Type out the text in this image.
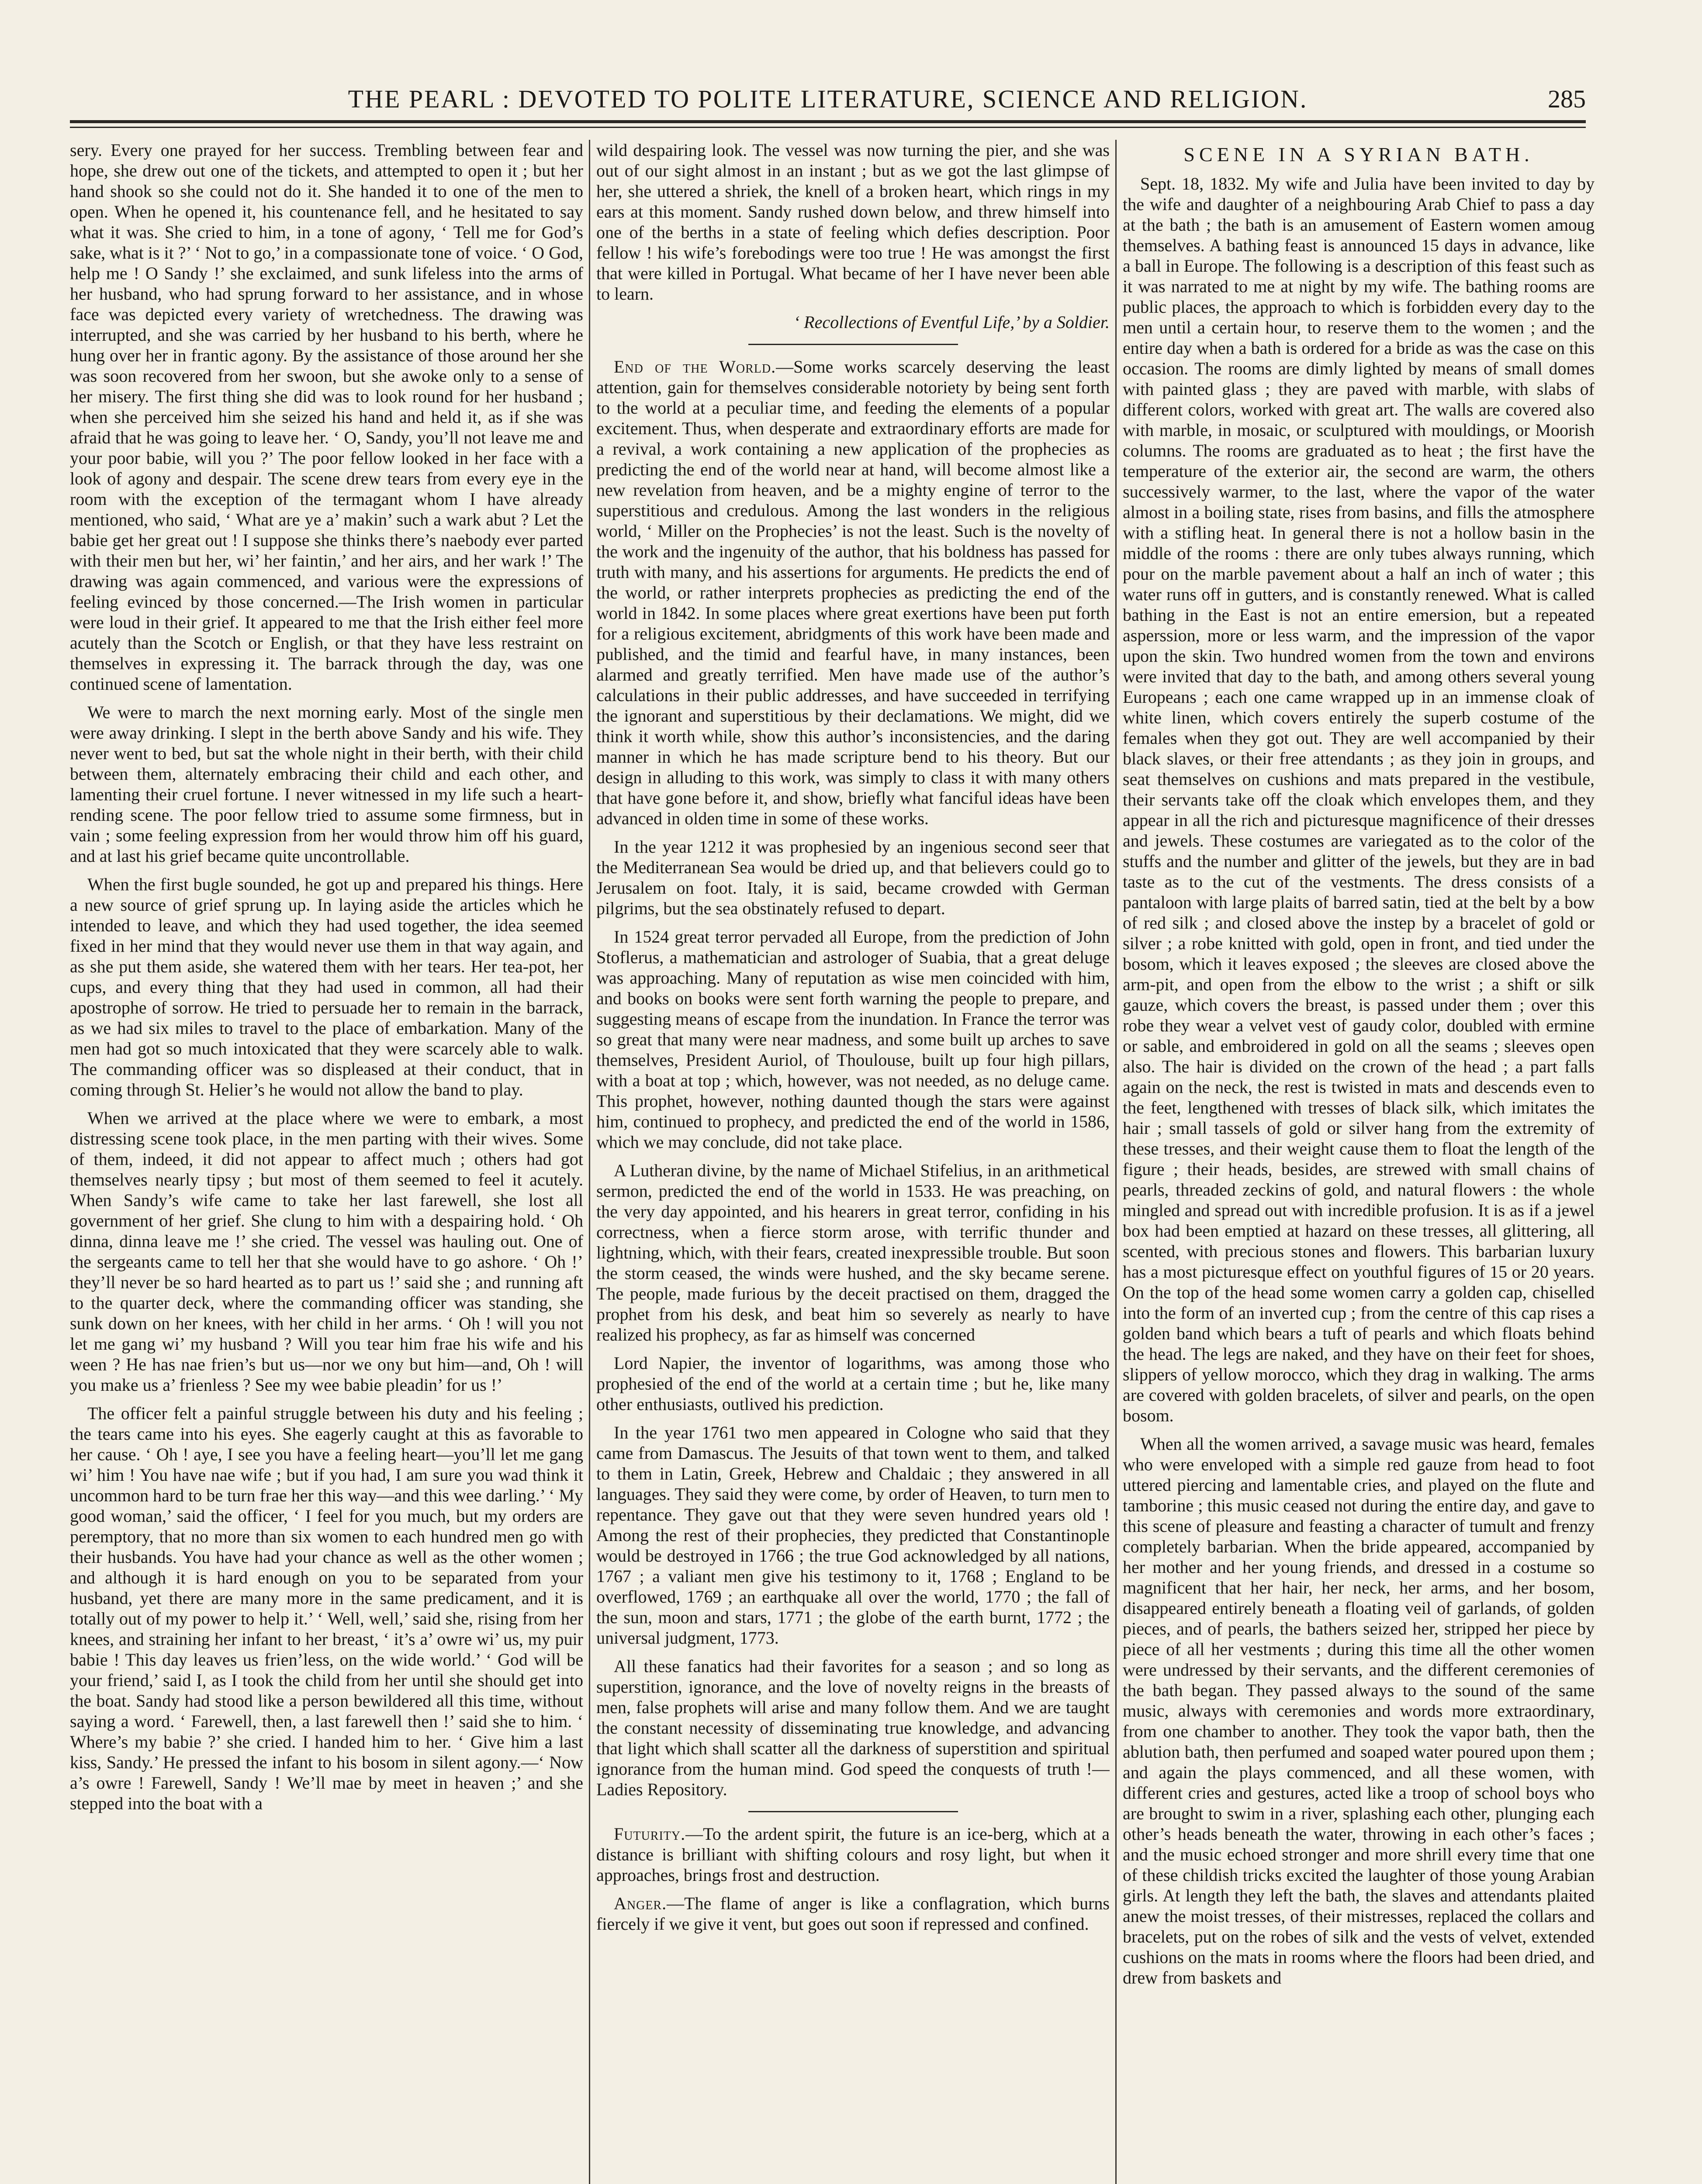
THE PEARL : DEVOTED TO POLITE LITERATURE, SCIENCE AND RELIGION.	285

sery. Every one prayed for her success. Trembling between fear and hope, she drew out one of the tickets, and attempted to open it ; but her hand shook so she could not do it. She handed it to one of the men to open. When he opened it, his countenance fell, and he hesitated to say what it was. She cried to him, in a tone of agony, ‘ Tell me for God’s sake, what is it ?’ ‘ Not to go,’ in a compassionate tone of voice. ‘ O God, help me ! O Sandy !’ she exclaimed, and sunk lifeless into the arms of her husband, who had sprung forward to her assistance, and in whose face was depicted every variety of wretchedness. The drawing was interrupted, and she was carried by her husband to his berth, where he hung over her in frantic agony. By the assistance of those around her she was soon recovered from her swoon, but she awoke only to a sense of her misery. The first thing she did was to look round for her husband ; when she perceived him she seized his hand and held it, as if she was afraid that he was going to leave her. ‘ O, Sandy, you’ll not leave me and your poor babie, will you ?’ The poor fellow looked in her face with a look of agony and despair. The scene drew tears from every eye in the room with the exception of the termagant whom I have already mentioned, who said, ‘ What are ye a’ makin’ such a wark abut ? Let the babie get her great out ! I suppose she thinks there’s naebody ever parted with their men but her, wi’ her faintin,’ and her airs, and her wark !’ The drawing was again commenced, and various were the expressions of feeling evinced by those concerned.—The Irish women in particular were loud in their grief. It appeared to me that the Irish either feel more acutely than the Scotch or English, or that they have less restraint on themselves in expressing it. The barrack through the day, was one continued scene of lamentation.

We were to march the next morning early. Most of the single men were away drinking. I slept in the berth above Sandy and his wife. They never went to bed, but sat the whole night in their berth, with their child between them, alternately embracing their child and each other, and lamenting their cruel fortune. I never witnessed in my life such a heart-rending scene. The poor fellow tried to assume some firmness, but in vain ; some feeling expression from her would throw him off his guard, and at last his grief became quite uncontrollable.

When the first bugle sounded, he got up and prepared his things. Here a new source of grief sprung up. In laying aside the articles which he intended to leave, and which they had used together, the idea seemed fixed in her mind that they would never use them in that way again, and as she put them aside, she watered them with her tears. Her tea-pot, her cups, and every thing that they had used in common, all had their apostrophe of sorrow. He tried to persuade her to remain in the barrack, as we had six miles to travel to the place of embarkation. Many of the men had got so much intoxicated that they were scarcely able to walk. The commanding officer was so displeased at their conduct, that in coming through St. Helier’s he would not allow the band to play.

When we arrived at the place where we were to embark, a most distressing scene took place, in the men parting with their wives. Some of them, indeed, it did not appear to affect much ; others had got themselves nearly tipsy ; but most of them seemed to feel it acutely. When Sandy’s wife came to take her last farewell, she lost all government of her grief. She clung to him with a despairing hold. ‘ Oh dinna, dinna leave me !’ she cried. The vessel was hauling out. One of the sergeants came to tell her that she would have to go ashore. ‘ Oh !’ they’ll never be so hard hearted as to part us !’ said she ; and running aft to the quarter deck, where the commanding officer was standing, she sunk down on her knees, with her child in her arms. ‘ Oh ! will you not let me gang wi’ my husband ? Will you tear him frae his wife and his ween ? He has nae frien’s but us—nor we ony but him—and, Oh ! will you make us a’ frienless ? See my wee babie pleadin’ for us !’

The officer felt a painful struggle between his duty and his feeling ; the tears came into his eyes. She eagerly caught at this as favorable to her cause. ‘ Oh ! aye, I see you have a feeling heart—you’ll let me gang wi’ him ! You have nae wife ; but if you had, I am sure you wad think it uncommon hard to be turn frae her this way—and this wee darling.’ ‘ My good woman,’ said the officer, ‘ I feel for you much, but my orders are peremptory, that no more than six women to each hundred men go with their husbands. You have had your chance as well as the other women ; and although it is hard enough on you to be separated from your husband, yet there are many more in the same predicament, and it is totally out of my power to help it.’ ‘ Well, well,’ said she, rising from her knees, and straining her infant to her breast, ‘ it’s a’ owre wi’ us, my puir babie ! This day leaves us frien’less, on the wide world.’ ‘ God will be your friend,’ said I, as I took the child from her until she should get into the boat. Sandy had stood like a person bewildered all this time, without saying a word. ‘ Farewell, then, a last farewell then !’ said she to him. ‘ Where’s my babie ?’ she cried. I handed him to her. ‘ Give him a last kiss, Sandy.’ He pressed the infant to his bosom in silent agony.—‘ Now a’s owre ! Farewell, Sandy ! We’ll mae by meet in heaven ;’ and she stepped into the boat with a

wild despairing look. The vessel was now turning the pier, and she was out of our sight almost in an instant ; but as we got the last glimpse of her, she uttered a shriek, the knell of a broken heart, which rings in my ears at this moment. Sandy rushed down below, and threw himself into one of the berths in a state of feeling which defies description. Poor fellow ! his wife’s forebodings were too true ! He was amongst the first that were killed in Portugal. What became of her I have never been able to learn.

‘ Recollections of Eventful Life,’ by a Soldier.

End of the World.—Some works scarcely deserving the least attention, gain for themselves considerable notoriety by being sent forth to the world at a peculiar time, and feeding the elements of a popular excitement. Thus, when desperate and extraordinary efforts are made for a revival, a work containing a new application of the prophecies as predicting the end of the world near at hand, will become almost like a new revelation from heaven, and be a mighty engine of terror to the superstitious and credulous. Among the last wonders in the religious world, ‘ Miller on the Prophecies’ is not the least. Such is the novelty of the work and the ingenuity of the author, that his boldness has passed for truth with many, and his assertions for arguments. He predicts the end of the world, or rather interprets prophecies as predicting the end of the world in 1842. In some places where great exertions have been put forth for a religious excitement, abridgments of this work have been made and published, and the timid and fearful have, in many instances, been alarmed and greatly terrified. Men have made use of the author’s calculations in their public addresses, and have succeeded in terrifying the ignorant and superstitious by their declamations. We might, did we think it worth while, show this author’s inconsistencies, and the daring manner in which he has made scripture bend to his theory. But our design in alluding to this work, was simply to class it with many others that have gone before it, and show, briefly what fanciful ideas have been advanced in olden time in some of these works.

In the year 1212 it was prophesied by an ingenious second seer that the Mediterranean Sea would be dried up, and that believers could go to Jerusalem on foot. Italy, it is said, became crowded with German pilgrims, but the sea obstinately refused to depart.

In 1524 great terror pervaded all Europe, from the prediction of John Stoflerus, a mathematician and astrologer of Suabia, that a great deluge was approaching. Many of reputation as wise men coincided with him, and books on books were sent forth warning the people to prepare, and suggesting means of escape from the inundation. In France the terror was so great that many were near madness, and some built up arches to save themselves, President Auriol, of Thoulouse, built up four high pillars, with a boat at top ; which, however, was not needed, as no deluge came. This prophet, however, nothing daunted though the stars were against him, continued to prophecy, and predicted the end of the world in 1586, which we may conclude, did not take place.

A Lutheran divine, by the name of Michael Stifelius, in an arithmetical sermon, predicted the end of the world in 1533. He was preaching, on the very day appointed, and his hearers in great terror, confiding in his correctness, when a fierce storm arose, with terrific thunder and lightning, which, with their fears, created inexpressible trouble. But soon the storm ceased, the winds were hushed, and the sky became serene. The people, made furious by the deceit practised on them, dragged the prophet from his desk, and beat him so severely as nearly to have realized his prophecy, as far as himself was concerned

Lord Napier, the inventor of logarithms, was among those who prophesied of the end of the world at a certain time ; but he, like many other enthusiasts, outlived his prediction.

In the year 1761 two men appeared in Cologne who said that they came from Damascus. The Jesuits of that town went to them, and talked to them in Latin, Greek, Hebrew and Chaldaic ; they answered in all languages. They said they were come, by order of Heaven, to turn men to repentance. They gave out that they were seven hundred years old ! Among the rest of their prophecies, they predicted that Constantinople would be destroyed in 1766 ; the true God acknowledged by all nations, 1767 ; a valiant men give his testimony to it, 1768 ; England to be overflowed, 1769 ; an earthquake all over the world, 1770 ; the fall of the sun, moon and stars, 1771 ; the globe of the earth burnt, 1772 ; the universal judgment, 1773.

All these fanatics had their favorites for a season ; and so long as superstition, ignorance, and the love of novelty reigns in the breasts of men, false prophets will arise and many follow them. And we are taught the constant necessity of disseminating true knowledge, and advancing that light which shall scatter all the darkness of superstition and spiritual ignorance from the human mind. God speed the conquests of truth !—Ladies Repository.

Futurity.—To the ardent spirit, the future is an ice-berg, which at a distance is brilliant with shifting colours and rosy light, but when it approaches, brings frost and destruction.

Anger.—The flame of anger is like a conflagration, which burns fiercely if we give it vent, but goes out soon if repressed and confined.

SCENE IN A SYRIAN BATH.

Sept. 18, 1832. My wife and Julia have been invited to day by the wife and daughter of a neighbouring Arab Chief to pass a day at the bath ; the bath is an amusement of Eastern women amoug themselves. A bathing feast is announced 15 days in advance, like a ball in Europe. The following is a description of this feast such as it was narrated to me at night by my wife. The bathing rooms are public places, the approach to which is forbidden every day to the men until a certain hour, to reserve them to the women ; and the entire day when a bath is ordered for a bride as was the case on this occasion. The rooms are dimly lighted by means of small domes with painted glass ; they are paved with marble, with slabs of different colors, worked with great art. The walls are covered also with marble, in mosaic, or sculptured with mouldings, or Moorish columns. The rooms are graduated as to heat ; the first have the temperature of the exterior air, the second are warm, the others successively warmer, to the last, where the vapor of the water almost in a boiling state, rises from basins, and fills the atmosphere with a stifling heat. In general there is not a hollow basin in the middle of the rooms : there are only tubes always running, which pour on the marble pavement about a half an inch of water ; this water runs off in gutters, and is constantly renewed. What is called bathing in the East is not an entire emersion, but a repeated asperssion, more or less warm, and the impression of the vapor upon the skin. Two hundred women from the town and environs were invited that day to the bath, and among others several young Europeans ; each one came wrapped up in an immense cloak of white linen, which covers entirely the superb costume of the females when they got out. They are well accompanied by their black slaves, or their free attendants ; as they join in groups, and seat themselves on cushions and mats prepared in the vestibule, their servants take off the cloak which envelopes them, and they appear in all the rich and picturesque magnificence of their dresses and jewels. These costumes are variegated as to the color of the stuffs and the number and glitter of the jewels, but they are in bad taste as to the cut of the vestments. The dress consists of a pantaloon with large plaits of barred satin, tied at the belt by a bow of red silk ; and closed above the instep by a bracelet of gold or silver ; a robe knitted with gold, open in front, and tied under the bosom, which it leaves exposed ; the sleeves are closed above the arm-pit, and open from the elbow to the wrist ; a shift or silk gauze, which covers the breast, is passed under them ; over this robe they wear a velvet vest of gaudy color, doubled with ermine or sable, and embroidered in gold on all the seams ; sleeves open also. The hair is divided on the crown of the head ; a part falls again on the neck, the rest is twisted in mats and descends even to the feet, lengthened with tresses of black silk, which imitates the hair ; small tassels of gold or silver hang from the extremity of these tresses, and their weight cause them to float the length of the figure ; their heads, besides, are strewed with small chains of pearls, threaded zeckins of gold, and natural flowers : the whole mingled and spread out with incredible profusion. It is as if a jewel box had been emptied at hazard on these tresses, all glittering, all scented, with precious stones and flowers. This barbarian luxury has a most picturesque effect on youthful figures of 15 or 20 years. On the top of the head some women carry a golden cap, chiselled into the form of an inverted cup ; from the centre of this cap rises a golden band which bears a tuft of pearls and which floats behind the head. The legs are naked, and they have on their feet for shoes, slippers of yellow morocco, which they drag in walking. The arms are covered with golden bracelets, of silver and pearls, on the open bosom.

When all the women arrived, a savage music was heard, females who were enveloped with a simple red gauze from head to foot uttered piercing and lamentable cries, and played on the flute and tamborine ; this music ceased not during the entire day, and gave to this scene of pleasure and feasting a character of tumult and frenzy completely barbarian. When the bride appeared, accompanied by her mother and her young friends, and dressed in a costume so magnificent that her hair, her neck, her arms, and her bosom, disappeared entirely beneath a floating veil of garlands, of golden pieces, and of pearls, the bathers seized her, stripped her piece by piece of all her vestments ; during this time all the other women were undressed by their servants, and the different ceremonies of the bath began. They passed always to the sound of the same music, always with ceremonies and words more extraordinary, from one chamber to another. They took the vapor bath, then the ablution bath, then perfumed and soaped water poured upon them ; and again the plays commenced, and all these women, with different cries and gestures, acted like a troop of school boys who are brought to swim in a river, splashing each other, plunging each other’s heads beneath the water, throwing in each other’s faces ; and the music echoed stronger and more shrill every time that one of these childish tricks excited the laughter of those young Arabian girls. At length they left the bath, the slaves and attendants plaited anew the moist tresses, of their mistresses, replaced the collars and bracelets, put on the robes of silk and the vests of velvet, extended cushions on the mats in rooms where the floors had been dried, and drew from baskets and
